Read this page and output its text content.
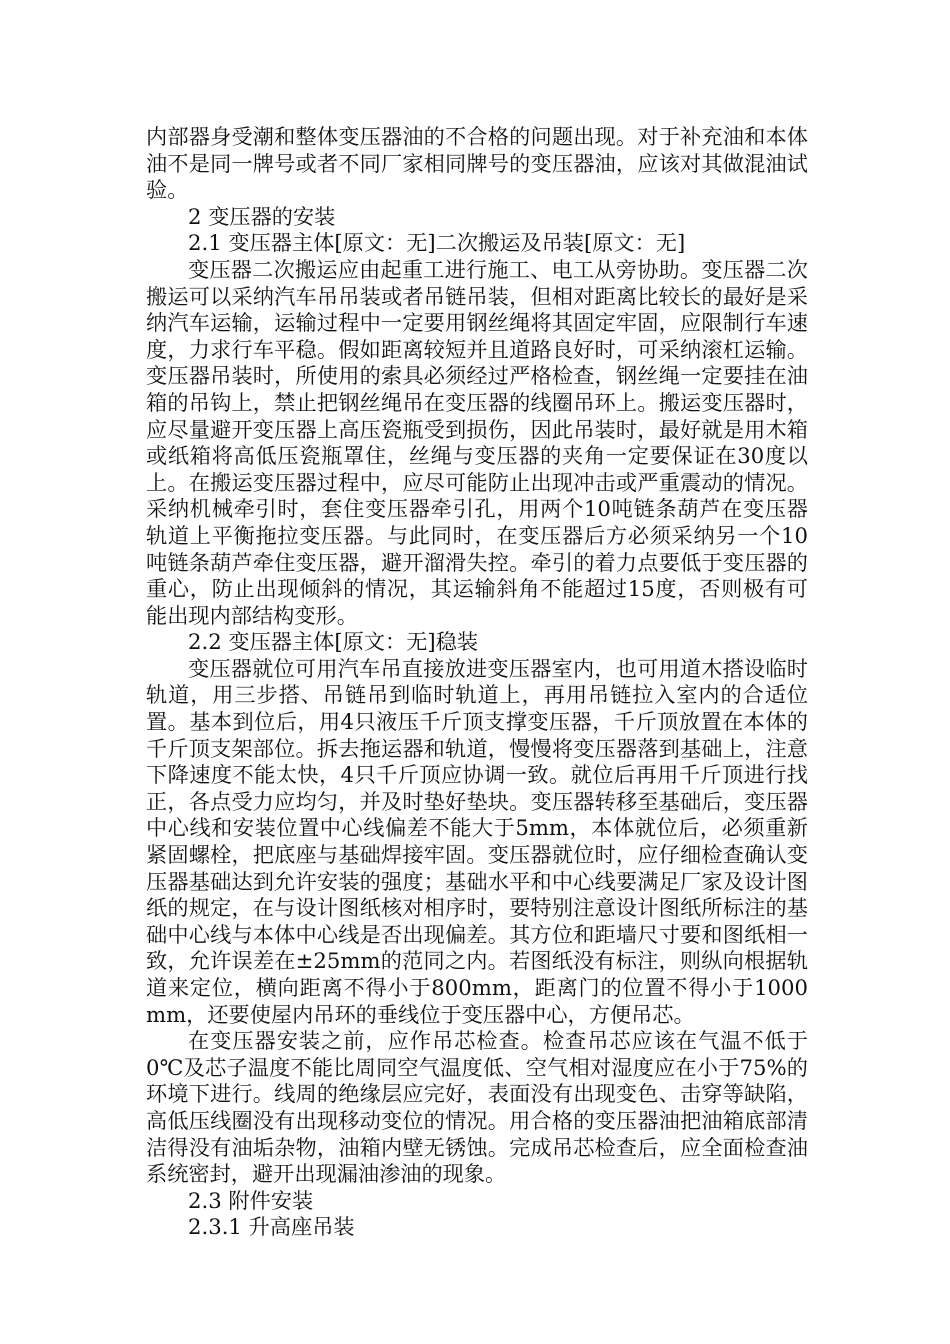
内部器身受潮和整体变压器油的不合格的问题出现。对于补充油和本体油不是同一牌号或者不同厂家相同牌号的变压器油，应该对其做混油试验。

2 变压器的安装

2.1 变压器主体[原文：无]二次搬运及吊装[原文：无]

变压器二次搬运应由起重工进行施工、电工从旁协助。变压器二次搬运可以采纳汽车吊吊装或者吊链吊装，但相对距离比较长的最好是采纳汽车运输，运输过程中一定要用钢丝绳将其固定牢固，应限制行车速度，力求行车平稳。假如距离较短并且道路良好时，可采纳滚杠运输。变压器吊装时，所使用的索具必须经过严格检查，钢丝绳一定要挂在油箱的吊钩上，禁止把钢丝绳吊在变压器的线圈吊环上。搬运变压器时，应尽量避开变压器上高压瓷瓶受到损伤，因此吊装时，最好就是用木箱或纸箱将高低压瓷瓶罩住，丝绳与变压器的夹角一定要保证在30度以上。在搬运变压器过程中，应尽可能防止出现冲击或严重震动的情况。采纳机械牵引时，套住变压器牵引孔，用两个10吨链条葫芦在变压器轨道上平衡拖拉变压器。与此同时，在变压器后方必须采纳另一个10吨链条葫芦牵住变压器，避开溜滑失控。牵引的着力点要低于变压器的重心，防止出现倾斜的情况，其运输斜角不能超过15度，否则极有可能出现内部结构变形。

2.2 变压器主体[原文：无]稳装

变压器就位可用汽车吊直接放进变压器室内，也可用道木搭设临时轨道，用三步搭、吊链吊到临时轨道上，再用吊链拉入室内的合适位置。基本到位后，用4只液压千斤顶支撑变压器，千斤顶放置在本体的千斤顶支架部位。拆去拖运器和轨道，慢慢将变压器落到基础上，注意下降速度不能太快，4只千斤顶应协调一致。就位后再用千斤顶进行找正，各点受力应均匀，并及时垫好垫块。变压器转移至基础后，变压器中心线和安装位置中心线偏差不能大于5mm，本体就位后，必须重新紧固螺栓，把底座与基础焊接牢固。变压器就位时，应仔细检查确认变压器基础达到允许安装的强度；基础水平和中心线要满足厂家及设计图纸的规定，在与设计图纸核对相序时，要特别注意设计图纸所标注的基础中心线与本体中心线是否出现偏差。其方位和距墙尺寸要和图纸相一致，允许误差在±25mm的范同之内。若图纸没有标注，则纵向根据轨道来定位，横向距离不得小于800mm，距离门的位置不得小于1000mm，还要使屋内吊环的垂线位于变压器中心，方便吊芯。

在变压器安装之前，应作吊芯检查。检查吊芯应该在气温不低于0℃及芯子温度不能比周同空气温度低、空气相对湿度应在小于75%的环境下进行。线周的绝缘层应完好，表面没有出现变色、击穿等缺陷，高低压线圈没有出现移动变位的情况。用合格的变压器油把油箱底部清洁得没有油垢杂物，油箱内壁无锈蚀。完成吊芯检查后，应全面检查油系统密封，避开出现漏油渗油的现象。

2.3 附件安装

2.3.1 升高座吊装
